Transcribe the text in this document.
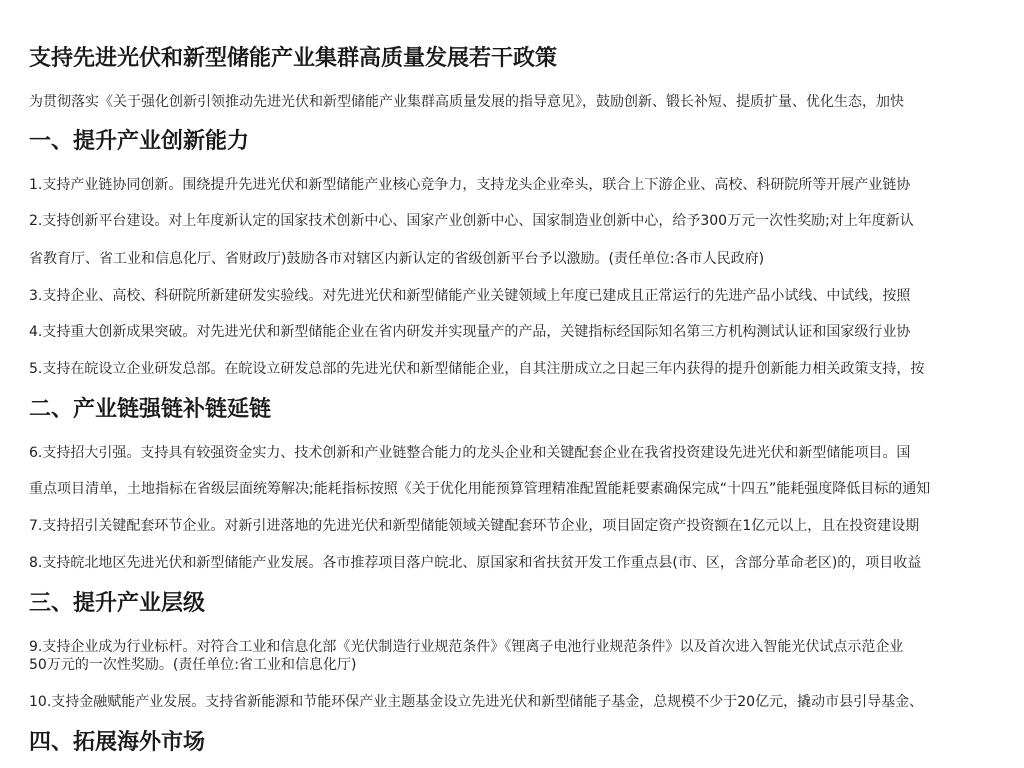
支持先进光伏和新型储能产业集群高质量发展若干政策
为贯彻落实《关于强化创新引领推动先进光伏和新型储能产业集群高质量发展的指导意见》，鼓励创新、锻长补短、提质扩量、优化生态，加快
一、提升产业创新能力
1.支持产业链协同创新。围绕提升先进光伏和新型储能产业核心竞争力，支持龙头企业牵头，联合上下游企业、高校、科研院所等开展产业链协
2.支持创新平台建设。对上年度新认定的国家技术创新中心、国家产业创新中心、国家制造业创新中心，给予300万元一次性奖励;对上年度新认
省教育厅、省工业和信息化厅、省财政厅)鼓励各市对辖区内新认定的省级创新平台予以激励。(责任单位:各市人民政府)
3.支持企业、高校、科研院所新建研发实验线。对先进光伏和新型储能产业关键领域上年度已建成且正常运行的先进产品小试线、中试线，按照
4.支持重大创新成果突破。对先进光伏和新型储能企业在省内研发并实现量产的产品，关键指标经国际知名第三方机构测试认证和国家级行业协
5.支持在皖设立企业研发总部。在皖设立研发总部的先进光伏和新型储能企业，自其注册成立之日起三年内获得的提升创新能力相关政策支持，按
二、产业链强链补链延链
6.支持招大引强。支持具有较强资金实力、技术创新和产业链整合能力的龙头企业和关键配套企业在我省投资建设先进光伏和新型储能项目。国
重点项目清单，土地指标在省级层面统筹解决;能耗指标按照《关于优化用能预算管理精准配置能耗要素确保完成“十四五”能耗强度降低目标的通知
7.支持招引关键配套环节企业。对新引进落地的先进光伏和新型储能领域关键配套环节企业，项目固定资产投资额在1亿元以上，且在投资建设期
8.支持皖北地区先进光伏和新型储能产业发展。各市推荐项目落户皖北、原国家和省扶贫开发工作重点县(市、区，含部分革命老区)的，项目收益
三、提升产业层级
9.支持企业成为行业标杆。对符合工业和信息化部《光伏制造行业规范条件》《锂离子电池行业规范条件》以及首次进入智能光伏试点示范企业
50万元的一次性奖励。(责任单位:省工业和信息化厅)
10.支持金融赋能产业发展。支持省新能源和节能环保产业主题基金设立先进光伏和新型储能子基金，总规模不少于20亿元，撬动市县引导基金、
四、拓展海外市场
